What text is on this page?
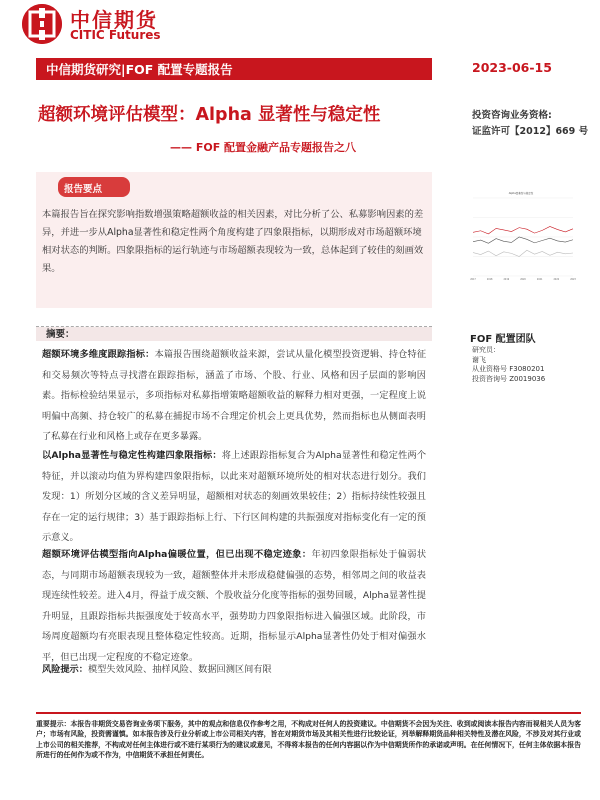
中信期货
CITIC Futures
中信期货研究|FOF 配置专题报告	2023-06-15
超额环境评估模型：Alpha 显著性与稳定性
—— FOF 配置金融产品专题报告之八
投资咨询业务资格:
证监许可【2012】669 号
报告要点
本篇报告旨在探究影响指数增强策略超额收益的相关因素，对比分析了公、私募影响因素的差异，并进一步从Alpha显著性和稳定性两个角度构建了四象限指标，以期形成对市场超额环境相对状态的判断。四象限指标的运行轨迹与市场超额表现较为一致，总体起到了较佳的刻画效果。
Alpha显著性与稳定性
2017	2018	2019	2020	2021	2022	2023
摘要：
超额环境多维度跟踪指标：本篇报告围绕超额收益来源，尝试从量化模型投资逻辑、持仓特征和交易频次等特点寻找潜在跟踪指标，涵盖了市场、个股、行业、风格和因子层面的影响因素。指标检验结果显示，多项指标对私募指增策略超额收益的解释力相对更强，一定程度上说明偏中高频、持仓较广的私募在捕捉市场不合理定价机会上更具优势，然而指标也从侧面表明了私募在行业和风格上或存在更多暴露。
以Alpha显著性与稳定性构建四象限指标：将上述跟踪指标复合为Alpha显著性和稳定性两个特征，并以滚动均值为界构建四象限指标，以此来对超额环境所处的相对状态进行划分。我们发现：1）所划分区域的含义差异明显，超额相对状态的刻画效果较佳；2）指标持续性较强且存在一定的运行规律；3）基于跟踪指标上行、下行区间构建的共振强度对指标变化有一定的预示意义。
超额环境评估模型指向Alpha偏暖位置，但已出现不稳定迹象：年初四象限指标处于偏弱状态，与同期市场超额表现较为一致，超额整体并未形成稳健偏强的态势，相邻周之间的收益表现连续性较差。进入4月，得益于成交额、个股收益分化度等指标的强势回暖，Alpha显著性提升明显，且跟踪指标共振强度处于较高水平，强势助力四象限指标进入偏强区域。此阶段，市场周度超额均有亮眼表现且整体稳定性较高。近期，指标显示Alpha显著性仍处于相对偏强水平，但已出现一定程度的不稳定迹象。
风险提示：模型失效风险、抽样风险、数据回测区间有限
FOF 配置团队
研究员：
谢飞
从业资格号 F3080201
投资咨询号 Z0019036
重要提示：本报告非期货交易咨询业务项下服务，其中的观点和信息仅作参考之用，不构成对任何人的投资建议。中信期货不会因为关注、收到或阅读本报告内容而视相关人员为客户；市场有风险，投资需谨慎。如本报告涉及行业分析或上市公司相关内容，旨在对期货市场及其相关性进行比较论证，列举解释期货品种相关特性及潜在风险，不涉及对其行业或上市公司的相关推荐，不构成对任何主体进行或不进行某项行为的建议或意见，不得将本报告的任何内容据以作为中信期货所作的承诺或声明。在任何情况下，任何主体依据本报告所进行的任何作为或不作为，中信期货不承担任何责任。
